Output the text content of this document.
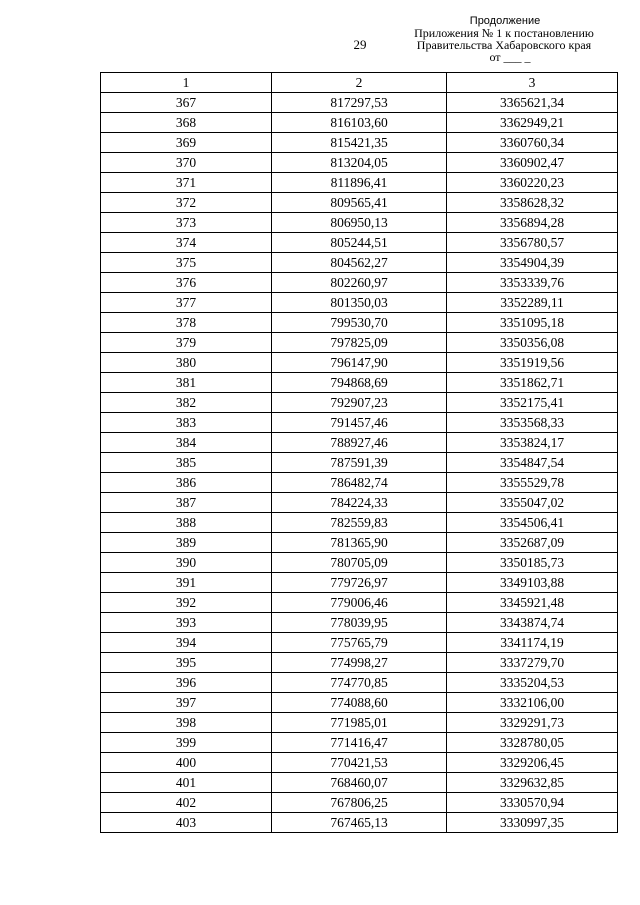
29
Продолжение
Приложения № 1 к постановлению
Правительства Хабаровского края
от ___ _
1	2	3
367	817297,53	3365621,34
368	816103,60	3362949,21
369	815421,35	3360760,34
370	813204,05	3360902,47
371	811896,41	3360220,23
372	809565,41	3358628,32
373	806950,13	3356894,28
374	805244,51	3356780,57
375	804562,27	3354904,39
376	802260,97	3353339,76
377	801350,03	3352289,11
378	799530,70	3351095,18
379	797825,09	3350356,08
380	796147,90	3351919,56
381	794868,69	3351862,71
382	792907,23	3352175,41
383	791457,46	3353568,33
384	788927,46	3353824,17
385	787591,39	3354847,54
386	786482,74	3355529,78
387	784224,33	3355047,02
388	782559,83	3354506,41
389	781365,90	3352687,09
390	780705,09	3350185,73
391	779726,97	3349103,88
392	779006,46	3345921,48
393	778039,95	3343874,74
394	775765,79	3341174,19
395	774998,27	3337279,70
396	774770,85	3335204,53
397	774088,60	3332106,00
398	771985,01	3329291,73
399	771416,47	3328780,05
400	770421,53	3329206,45
401	768460,07	3329632,85
402	767806,25	3330570,94
403	767465,13	3330997,35
